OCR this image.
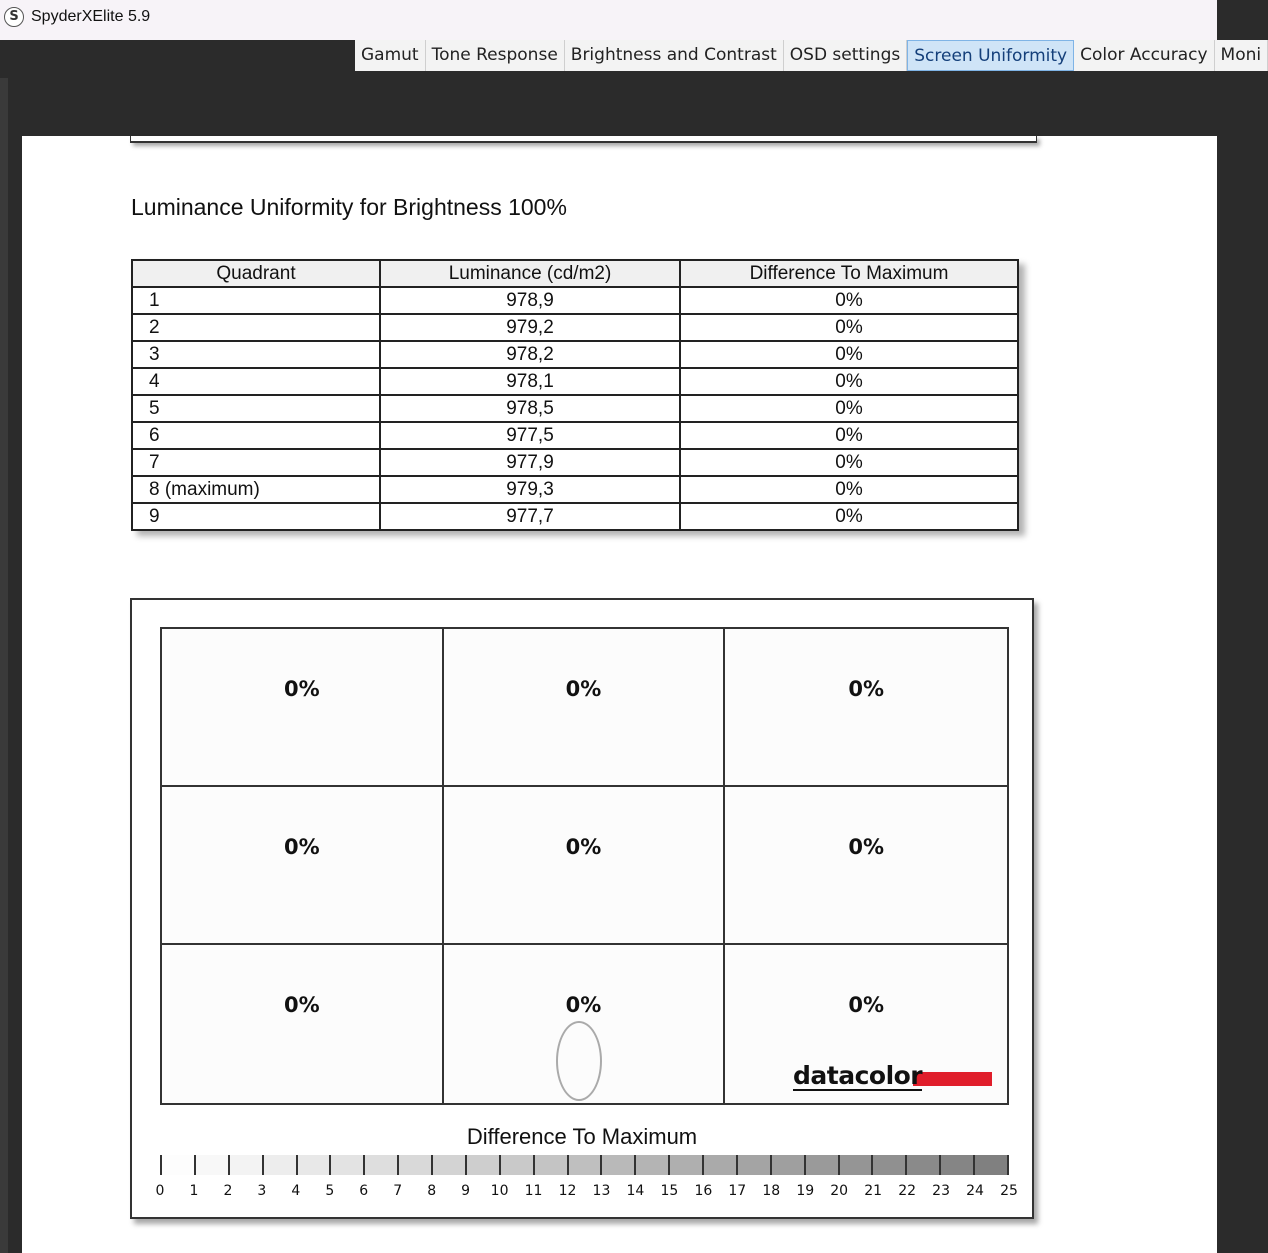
S SpyderXElite 5.9
Gamut Tone Response Brightness and Contrast OSD settings Screen Uniformity Color Accuracy Moni
Luminance Uniformity for Brightness 100%
Quadrant	Luminance (cd/m2)	Difference To Maximum
1	978,9	0%
2	979,2	0%
3	978,2	0%
4	978,1	0%
5	978,5	0%
6	977,5	0%
7	977,9	0%
8 (maximum)	979,3	0%
9	977,7	0%
0%	0%	0%
0%	0%	0%
0%	0%	0%
datacolor
Difference To Maximum
0	1	2	3	4	5	6	7	8	9	10	11	12	13	14	15	16	17	18	19	20	21	22	23	24	25
